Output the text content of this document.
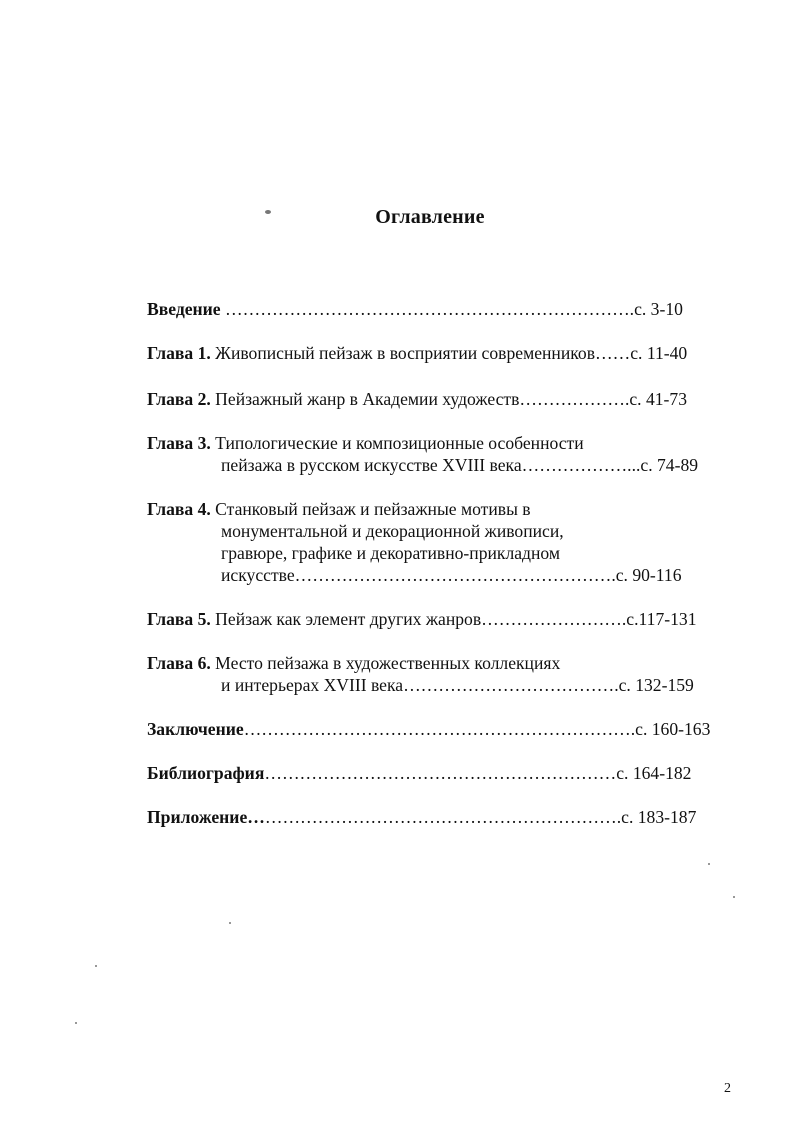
Оглавление
Введение …………………………………………………………….с. 3-10
Глава 1. Живописный пейзаж в восприятии современников……с. 11-40
Глава 2. Пейзажный жанр в Академии художеств……………….с. 41-73
Глава 3. Типологические и композиционные особенности
пейзажа в русском искусстве XVIII века………………...с. 74-89
Глава 4. Станковый пейзаж и пейзажные мотивы в
монументальной и декорационной живописи,
гравюре, графике и декоративно-прикладном
искусстве……………………………………………….с. 90-116
Глава 5. Пейзаж как элемент других жанров…………………….с.117-131
Глава 6. Место пейзажа в художественных коллекциях
и интерьерах XVIII века……………………………….с. 132-159
Заключение………………………………………………………….с. 160-163
Библиография……………………………………………………с. 164-182
Приложение……………………………………………………….с. 183-187
2
